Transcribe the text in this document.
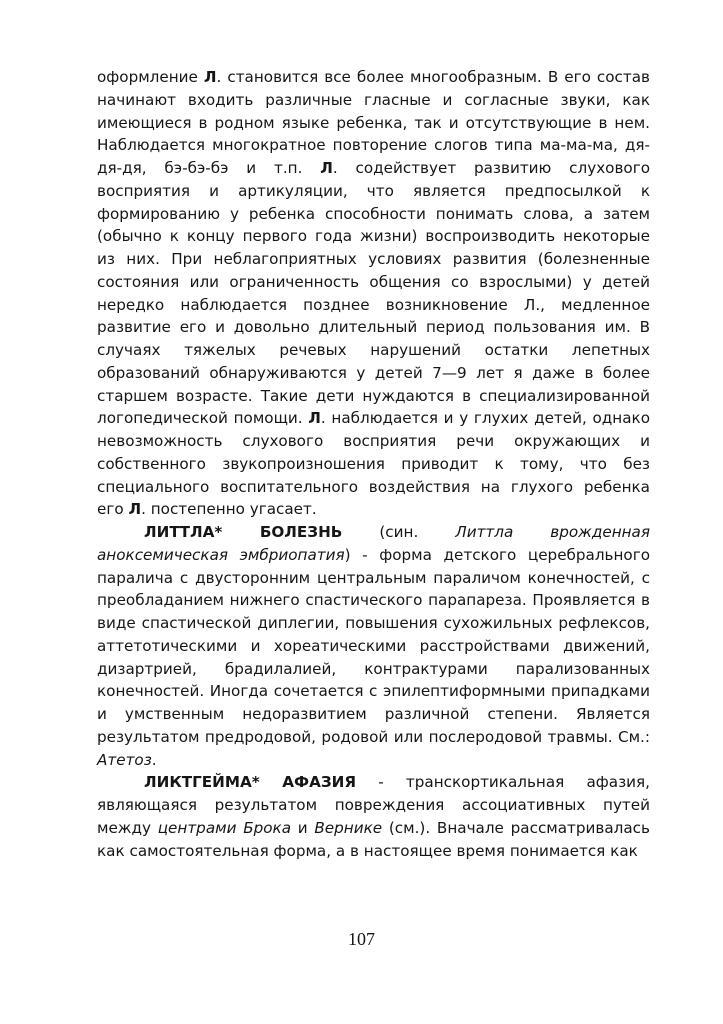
оформление Л. становится все более многообразным. В его состав начинают входить различные гласные и согласные звуки, как имеющиеся в родном языке ребенка, так и отсутствующие в нем. Наблюдается многократное повторение слогов типа ма-ма-ма, дя-дя-дя, бэ-бэ-бэ и т.п. Л. содействует развитию слухового восприятия и артикуляции, что является предпосылкой к формированию у ребенка способности понимать слова, а затем (обычно к концу первого года жизни) воспроизводить некоторые из них. При неблагоприятных условиях развития (болезненные состояния или ограниченность общения со взрослыми) у детей нередко наблюдается позднее возникновение Л., медленное развитие его и довольно длительный период пользования им. В случаях тяжелых речевых нарушений остатки лепетных образований обнаруживаются у детей 7—9 лет я даже в более старшем возрасте. Такие дети нуждаются в специализированной логопедической помощи. Л. наблюдается и у глухих детей, однако невозможность слухового восприятия речи окружающих и собственного звукопроизношения приводит к тому, что без специального воспитательного воздействия на глухого ребенка его Л. постепенно угасает.

ЛИТТЛА* БОЛЕЗНЬ (син. Литтла врожденная аноксемическая эмбриопатия) - форма детского церебрального паралича с двусторонним центральным параличом конечностей, с преобладанием нижнего спастического парапареза. Проявляется в виде спастической диплегии, повышения сухожильных рефлексов, аттетотическими и хореатическими расстройствами движений, дизартрией, брадилалией, контрактурами парализованных конечностей. Иногда сочетается с эпилептиформными припадками и умственным недоразвитием различной степени. Является результатом предродовой, родовой или послеродовой травмы. См.: Атетоз.

ЛИКТГЕЙМА* АФАЗИЯ - транскортикальная афазия, являющаяся результатом повреждения ассоциативных путей между центрами Брока и Вернике (см.). Вначале рассматривалась как самостоятельная форма, а в настоящее время понимается как

107
